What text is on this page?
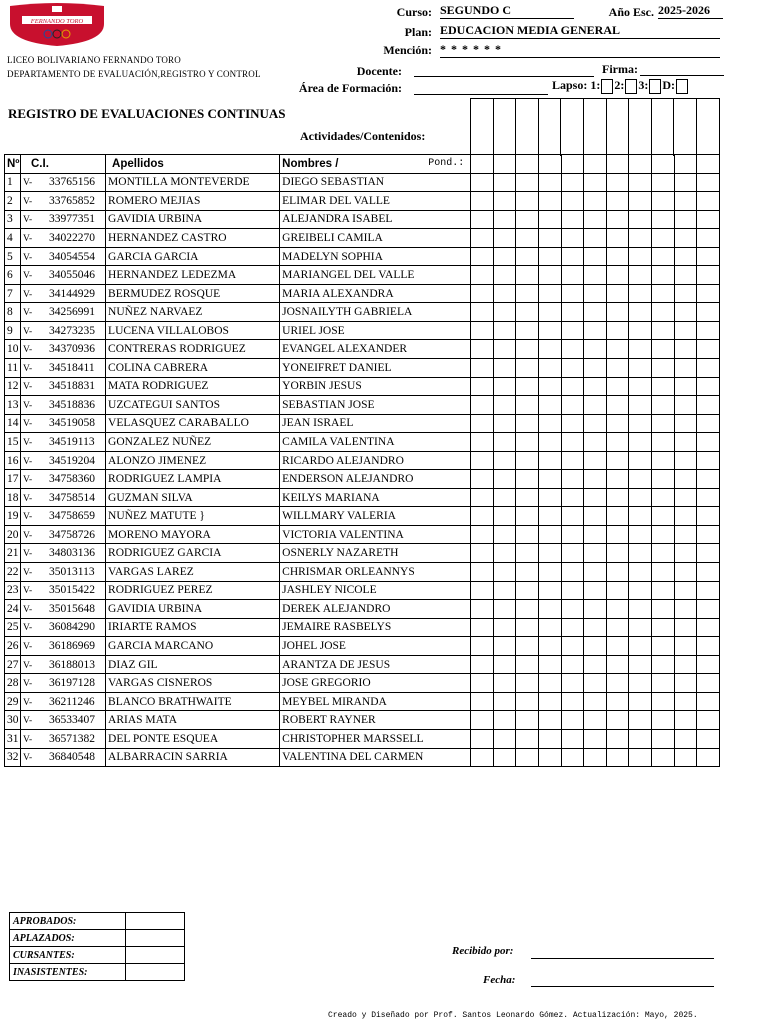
FERNANDO TORO
LICEO BOLIVARIANO FERNANDO TORO
DEPARTAMENTO DE EVALUACIÓN,REGISTRO Y CONTROL
Curso: SEGUNDO C	Año Esc. 2025-2026
Plan: EDUCACION MEDIA GENERAL
Mención: * * * * * *
Docente:	Firma:
Área de Formación:	Lapso: 1: 2: 3: D:
REGISTRO DE EVALUACIONES CONTINUAS
Actividades/Contenidos:
Nº	C.I.	Apellidos	Nombres / Pond.:											

1	V- 33765156	MONTILLA MONTEVERDE	DIEGO SEBASTIAN											
2	V- 33765852	ROMERO MEJIAS	ELIMAR DEL VALLE											
3	V- 33977351	GAVIDIA URBINA	ALEJANDRA ISABEL											
4	V- 34022270	HERNANDEZ CASTRO	GREIBELI CAMILA											
5	V- 34054554	GARCIA GARCIA	MADELYN SOPHIA											
6	V- 34055046	HERNANDEZ LEDEZMA	MARIANGEL DEL VALLE											
7	V- 34144929	BERMUDEZ ROSQUE	MARIA ALEXANDRA											
8	V- 34256991	NUÑEZ NARVAEZ	JOSNAILYTH GABRIELA											
9	V- 34273235	LUCENA VILLALOBOS	URIEL JOSE											
10	V- 34370936	CONTRERAS RODRIGUEZ	EVANGEL ALEXANDER											
11	V- 34518411	COLINA CABRERA	YONEIFRET DANIEL											
12	V- 34518831	MATA RODRIGUEZ	YORBIN JESUS											
13	V- 34518836	UZCATEGUI SANTOS	SEBASTIAN JOSE											
14	V- 34519058	VELASQUEZ CARABALLO	JEAN ISRAEL											
15	V- 34519113	GONZALEZ NUÑEZ	CAMILA VALENTINA											
16	V- 34519204	ALONZO JIMENEZ	RICARDO ALEJANDRO											
17	V- 34758360	RODRIGUEZ LAMPIA	ENDERSON ALEJANDRO											
18	V- 34758514	GUZMAN SILVA	KEILYS MARIANA											
19	V- 34758659	NUÑEZ MATUTE }	WILLMARY VALERIA											
20	V- 34758726	MORENO MAYORA	VICTORIA VALENTINA											
21	V- 34803136	RODRIGUEZ GARCIA	OSNERLY NAZARETH											
22	V- 35013113	VARGAS LAREZ	CHRISMAR ORLEANNYS											
23	V- 35015422	RODRIGUEZ PEREZ	JASHLEY NICOLE											
24	V- 35015648	GAVIDIA URBINA	DEREK ALEJANDRO											
25	V- 36084290	IRIARTE RAMOS	JEMAIRE RASBELYS											
26	V- 36186969	GARCIA MARCANO	JOHEL JOSE											
27	V- 36188013	DIAZ GIL	ARANTZA DE JESUS											
28	V- 36197128	VARGAS CISNEROS	JOSE GREGORIO											
29	V- 36211246	BLANCO BRATHWAITE	MEYBEL MIRANDA											
30	V- 36533407	ARIAS MATA	ROBERT RAYNER											
31	V- 36571382	DEL PONTE ESQUEA	CHRISTOPHER MARSSELL											
32	V- 36840548	ALBARRACIN SARRIA	VALENTINA DEL CARMEN											
APROBADOS:	
APLAZADOS:	
CURSANTES:	
INASISTENTES:	
Recibido por:
Fecha:
Creado y Diseñado por Prof. Santos Leonardo Gómez. Actualización: Mayo, 2025.
